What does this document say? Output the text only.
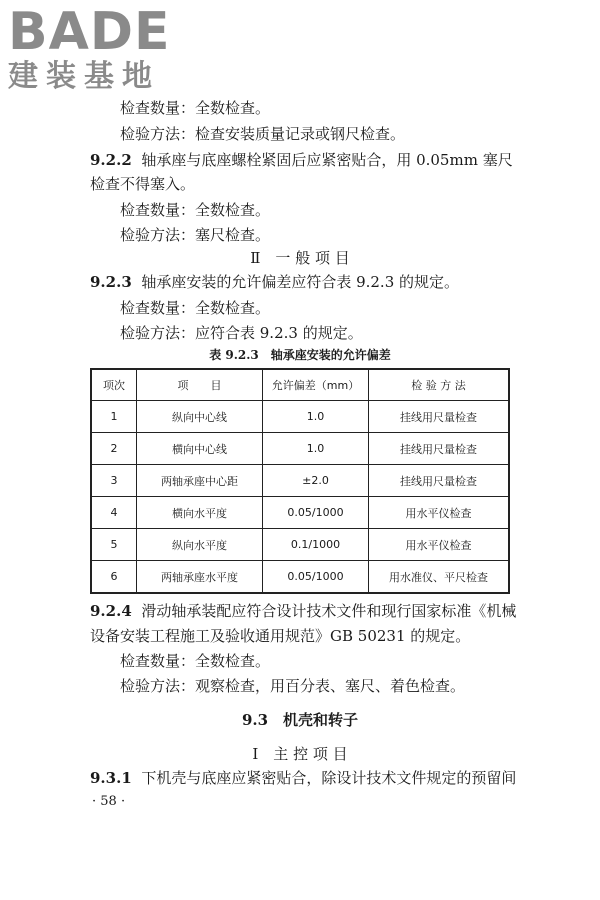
BADE
建装基地
检查数量：全数检查。
检验方法：检查安装质量记录或钢尺检查。
9.2.2 轴承座与底座螺栓紧固后应紧密贴合，用 0.05mm 塞尺
检查不得塞入。
检查数量：全数检查。
检验方法：塞尺检查。
Ⅱ　一 般 项 目
9.2.3 轴承座安装的允许偏差应符合表 9.2.3 的规定。
检查数量：全数检查。
检验方法：应符合表 9.2.3 的规定。
表 9.2.3　轴承座安装的允许偏差
项次	项　　目	允许偏差（mm）	检 验 方 法
1	纵向中心线	1.0	挂线用尺量检查
2	横向中心线	1.0	挂线用尺量检查
3	两轴承座中心距	±2.0	挂线用尺量检查
4	横向水平度	0.05/1000	用水平仪检查
5	纵向水平度	0.1/1000	用水平仪检查
6	两轴承座水平度	0.05/1000	用水准仪、平尺检查
9.2.4 滑动轴承装配应符合设计技术文件和现行国家标准《机械
设备安装工程施工及验收通用规范》GB 50231 的规定。
检查数量：全数检查。
检验方法：观察检查，用百分表、塞尺、着色检查。
9.3　机壳和转子
Ⅰ　主 控 项 目
9.3.1 下机壳与底座应紧密贴合，除设计技术文件规定的预留间
· 58 ·
